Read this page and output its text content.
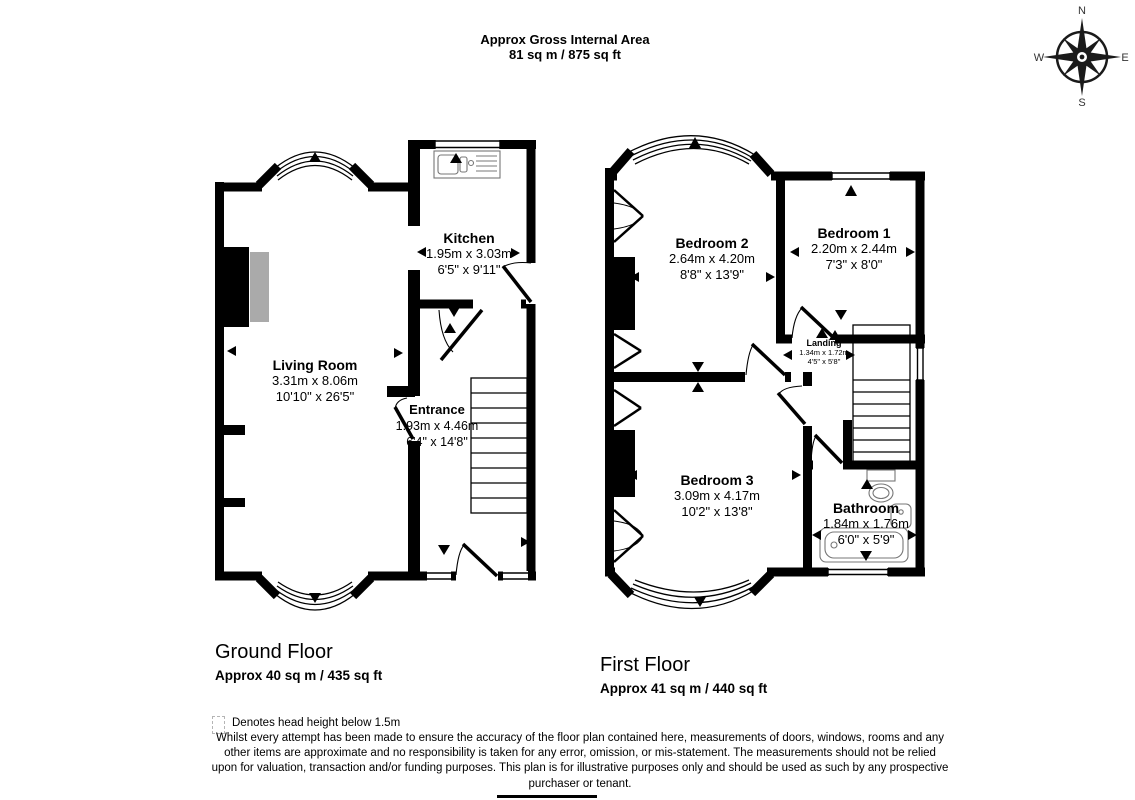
Approx Gross Internal Area
81 sq m / 875 sq ft
N
E
S
W
Living Room
3.31m x 8.06m
10'10" x 26'5"
Kitchen
1.95m x 3.03m
6'5" x 9'11"
Entrance
1.93m x 4.46m
6'4" x 14'8"
Bedroom 2
2.64m x 4.20m
8'8" x 13'9"
Bedroom 1
2.20m x 2.44m
7'3" x 8'0"
Landing
1.34m x 1.72m
4'5" x 5'8"
Bedroom 3
3.09m x 4.17m
10'2" x 13'8"	Bathroom
1.84m x 1.76m
6'0" x 5'9"
Ground Floor
Approx 40 sq m / 435 sq ft	First Floor
Approx 41 sq m / 440 sq ft
Denotes head height below 1.5m
Whilst every attempt has been made to ensure the accuracy of the floor plan contained here, measurements of doors, windows, rooms and any other items are approximate and no responsibility is taken for any error, omission, or mis-statement. The measurements should not be relied upon for valuation, transaction and/or funding purposes. This plan is for illustrative purposes only and should be used as such by any prospective purchaser or tenant.
